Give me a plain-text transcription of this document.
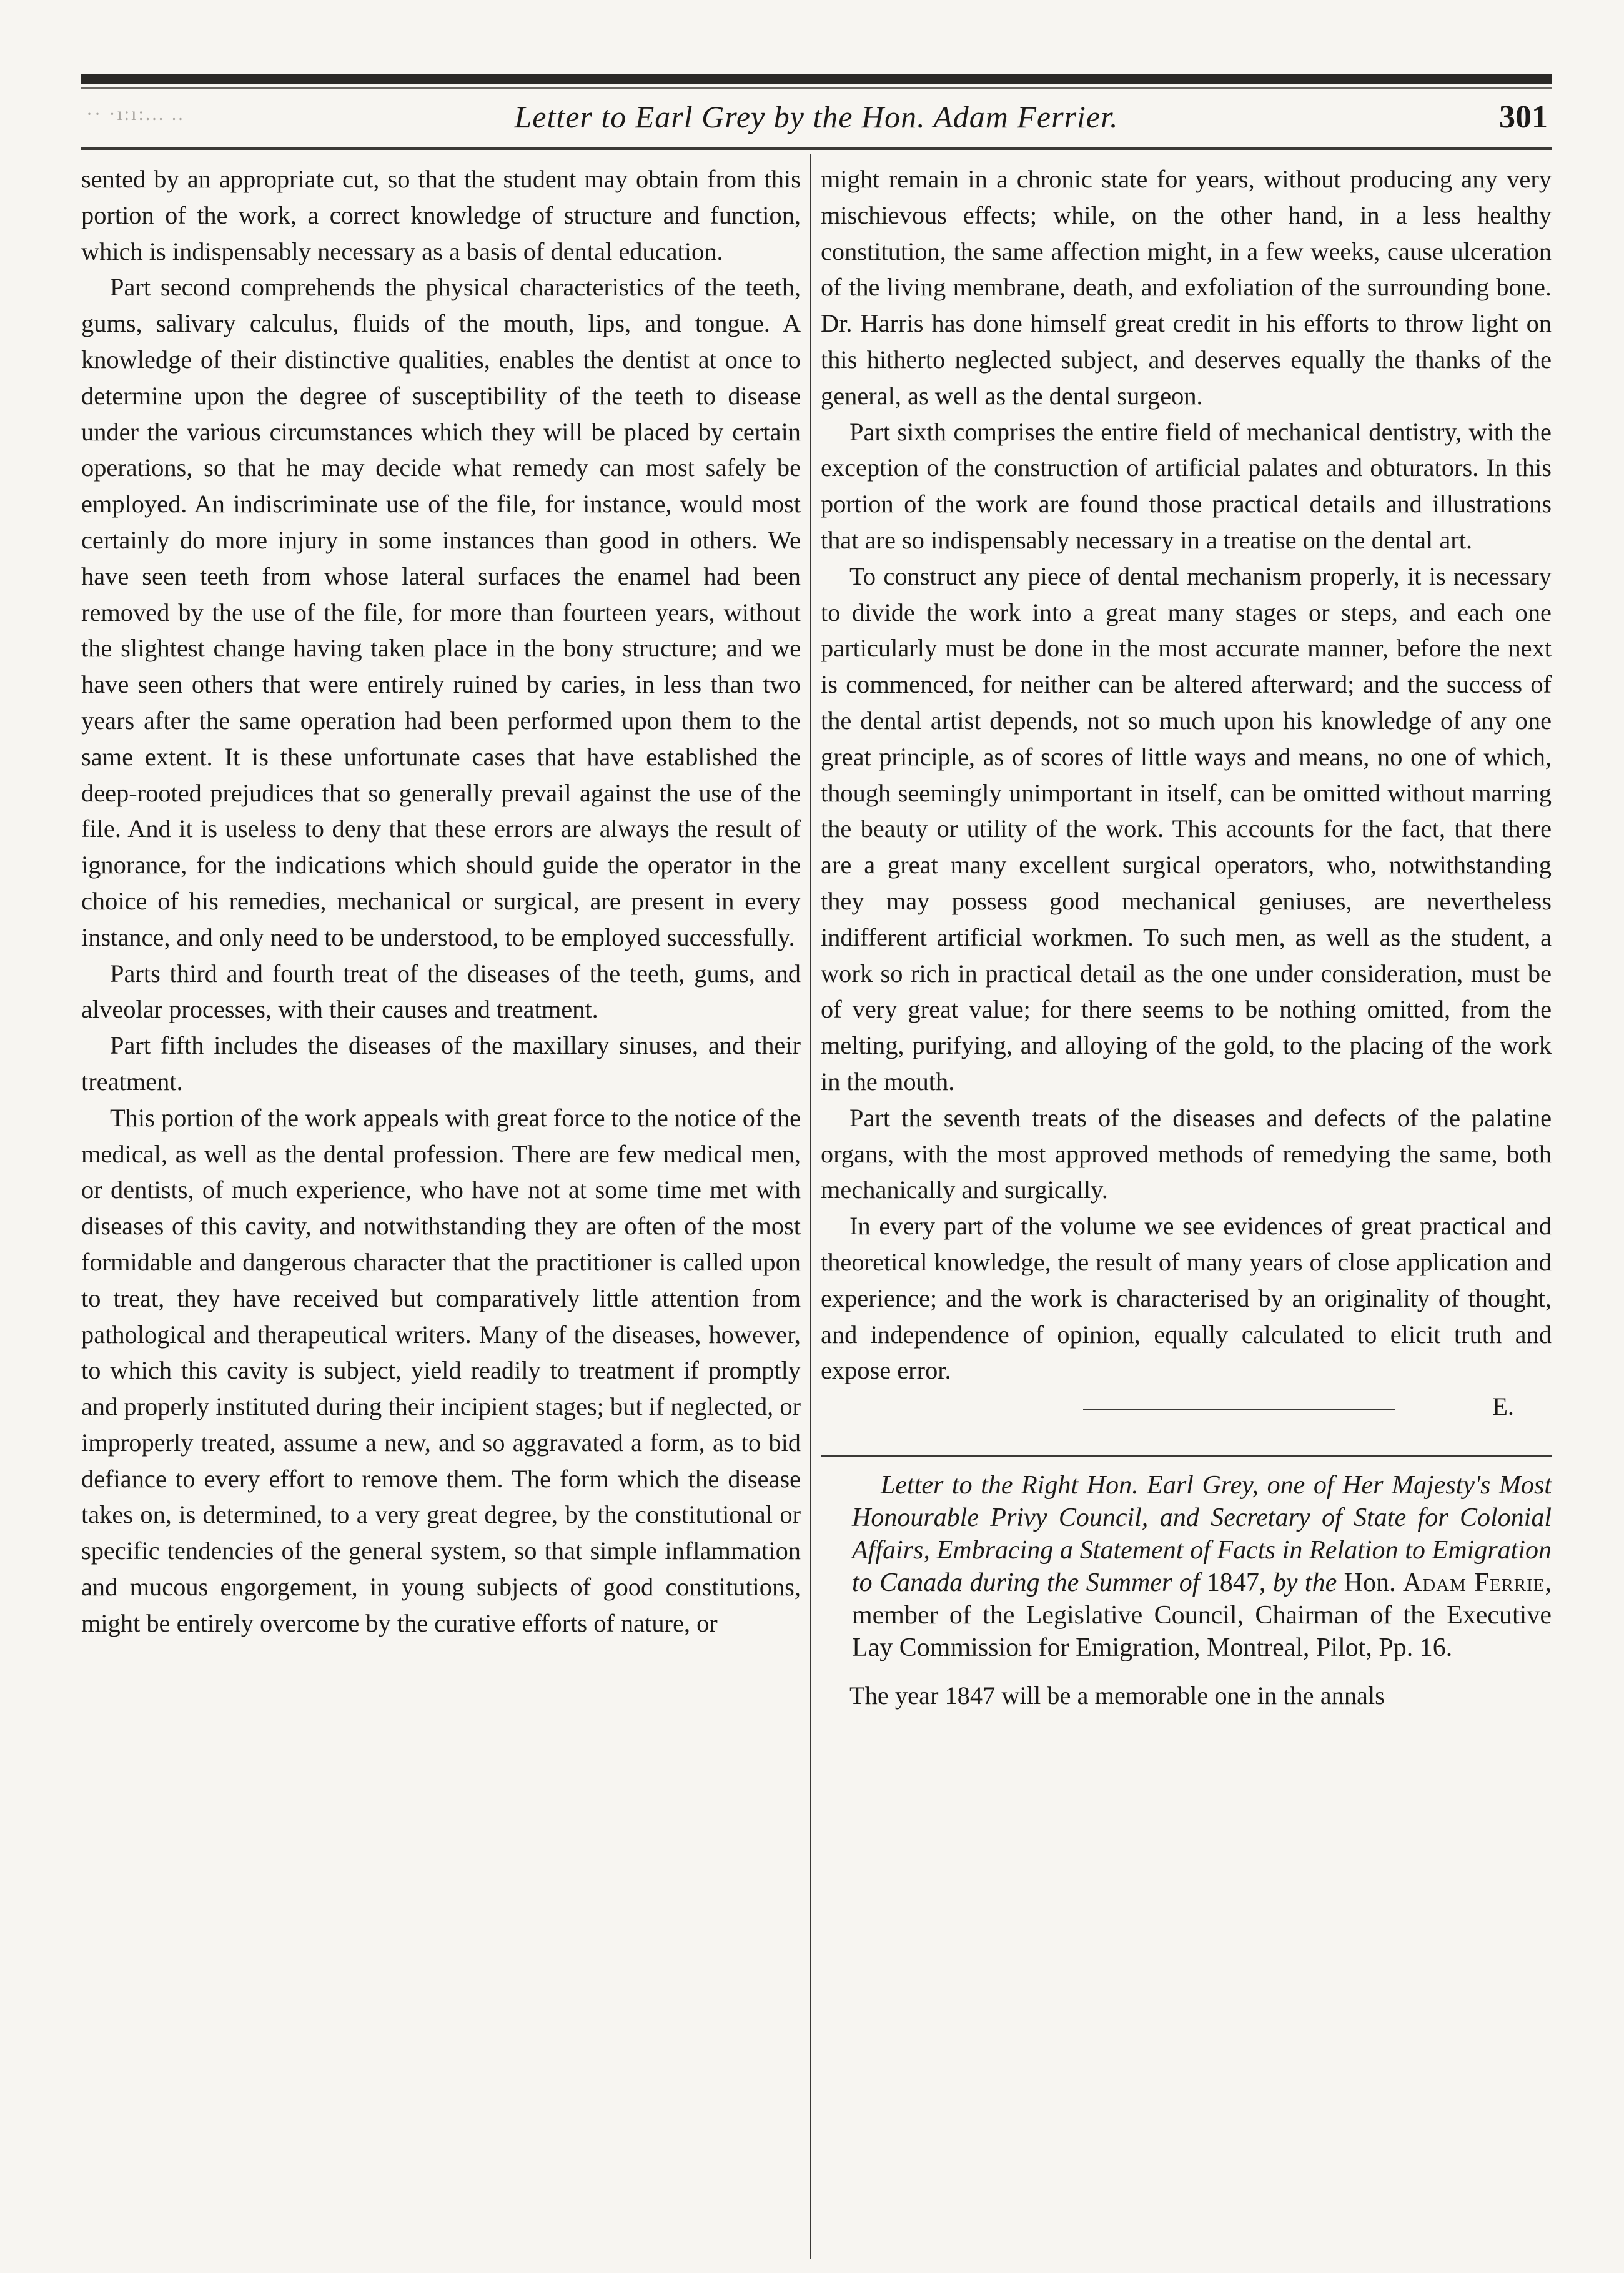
·· ·ı:ı:... ..	Letter to Earl Grey by the Hon. Adam Ferrier.	301

sented by an appropriate cut, so that the student may obtain from this portion of the work, a correct knowledge of structure and function, which is indispensably necessary as a basis of dental education.

Part second comprehends the physical characteristics of the teeth, gums, salivary calculus, fluids of the mouth, lips, and tongue. A knowledge of their distinctive qualities, enables the dentist at once to determine upon the degree of susceptibility of the teeth to disease under the various circumstances which they will be placed by certain operations, so that he may decide what remedy can most safely be employed. An indiscriminate use of the file, for instance, would most certainly do more injury in some instances than good in others. We have seen teeth from whose lateral surfaces the enamel had been removed by the use of the file, for more than fourteen years, without the slightest change having taken place in the bony structure; and we have seen others that were entirely ruined by caries, in less than two years after the same operation had been performed upon them to the same extent. It is these unfortunate cases that have established the deep-rooted prejudices that so generally prevail against the use of the file. And it is useless to deny that these errors are always the result of ignorance, for the indications which should guide the operator in the choice of his remedies, mechanical or surgical, are present in every instance, and only need to be understood, to be employed successfully.

Parts third and fourth treat of the diseases of the teeth, gums, and alveolar processes, with their causes and treatment.

Part fifth includes the diseases of the maxillary sinuses, and their treatment.

This portion of the work appeals with great force to the notice of the medical, as well as the dental profession. There are few medical men, or dentists, of much experience, who have not at some time met with diseases of this cavity, and notwithstanding they are often of the most formidable and dangerous character that the practitioner is called upon to treat, they have received but comparatively little attention from pathological and therapeutical writers. Many of the diseases, however, to which this cavity is subject, yield readily to treatment if promptly and properly instituted during their incipient stages; but if neglected, or improperly treated, assume a new, and so aggravated a form, as to bid defiance to every effort to remove them. The form which the disease takes on, is determined, to a very great degree, by the constitutional or specific tendencies of the general system, so that simple inflammation and mucous engorgement, in young subjects of good constitutions, might be entirely overcome by the curative efforts of nature, or

might remain in a chronic state for years, without producing any very mischievous effects; while, on the other hand, in a less healthy constitution, the same affection might, in a few weeks, cause ulceration of the living membrane, death, and exfoliation of the surrounding bone. Dr. Harris has done himself great credit in his efforts to throw light on this hitherto neglected subject, and deserves equally the thanks of the general, as well as the dental surgeon.

Part sixth comprises the entire field of mechanical dentistry, with the exception of the construction of artificial palates and obturators. In this portion of the work are found those practical details and illustrations that are so indispensably necessary in a treatise on the dental art.

To construct any piece of dental mechanism properly, it is necessary to divide the work into a great many stages or steps, and each one particularly must be done in the most accurate manner, before the next is commenced, for neither can be altered afterward; and the success of the dental artist depends, not so much upon his knowledge of any one great principle, as of scores of little ways and means, no one of which, though seemingly unimportant in itself, can be omitted without marring the beauty or utility of the work. This accounts for the fact, that there are a great many excellent surgical operators, who, notwithstanding they may possess good mechanical geniuses, are nevertheless indifferent artificial workmen. To such men, as well as the student, a work so rich in practical detail as the one under consideration, must be of very great value; for there seems to be nothing omitted, from the melting, purifying, and alloying of the gold, to the placing of the work in the mouth.

Part the seventh treats of the diseases and defects of the palatine organs, with the most approved methods of remedying the same, both mechanically and surgically.

In every part of the volume we see evidences of great practical and theoretical knowledge, the result of many years of close application and experience; and the work is characterised by an originality of thought, and independence of opinion, equally calculated to elicit truth and expose error.

E.

Letter to the Right Hon. Earl Grey, one of Her Majesty's Most Honourable Privy Council, and Secretary of State for Colonial Affairs, Embracing a Statement of Facts in Relation to Emigration to Canada during the Summer of 1847, by the Hon. Adam Ferrie, member of the Legislative Council, Chairman of the Executive Lay Commission for Emigration, Montreal, Pilot, Pp. 16.

The year 1847 will be a memorable one in the annals
